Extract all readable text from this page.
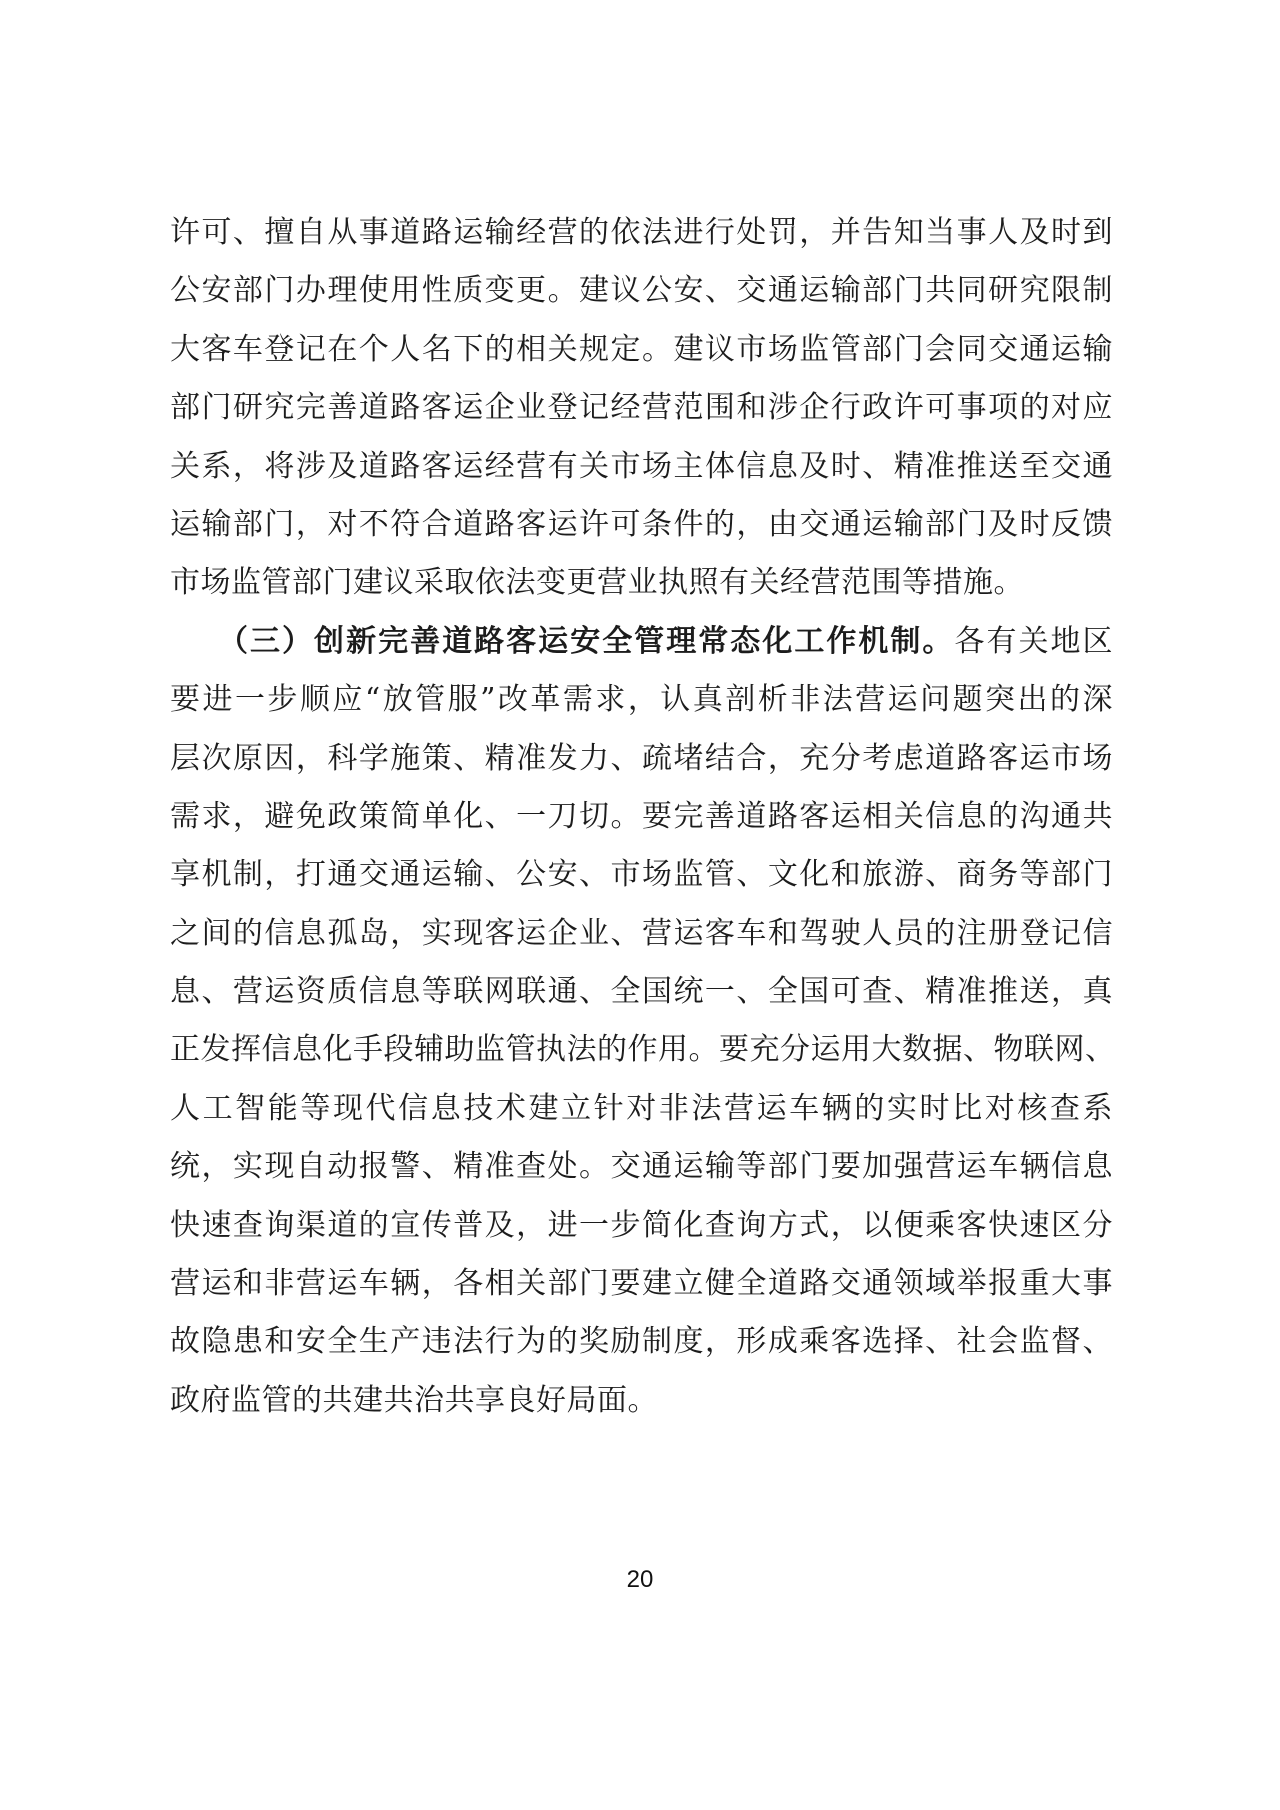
许可、擅自从事道路运输经营的依法进行处罚，并告知当事人及时到
公安部门办理使用性质变更。建议公安、交通运输部门共同研究限制
大客车登记在个人名下的相关规定。建议市场监管部门会同交通运输
部门研究完善道路客运企业登记经营范围和涉企行政许可事项的对应
关系，将涉及道路客运经营有关市场主体信息及时、精准推送至交通
运输部门，对不符合道路客运许可条件的，由交通运输部门及时反馈
市场监管部门建议采取依法变更营业执照有关经营范围等措施。
（三）创新完善道路客运安全管理常态化工作机制。各有关地区
要进一步顺应“放管服”改革需求，认真剖析非法营运问题突出的深
层次原因，科学施策、精准发力、疏堵结合，充分考虑道路客运市场
需求，避免政策简单化、一刀切。要完善道路客运相关信息的沟通共
享机制，打通交通运输、公安、市场监管、文化和旅游、商务等部门
之间的信息孤岛，实现客运企业、营运客车和驾驶人员的注册登记信
息、营运资质信息等联网联通、全国统一、全国可查、精准推送，真
正发挥信息化手段辅助监管执法的作用。要充分运用大数据、物联网、
人工智能等现代信息技术建立针对非法营运车辆的实时比对核查系
统，实现自动报警、精准查处。交通运输等部门要加强营运车辆信息
快速查询渠道的宣传普及，进一步简化查询方式，以便乘客快速区分
营运和非营运车辆，各相关部门要建立健全道路交通领域举报重大事
故隐患和安全生产违法行为的奖励制度，形成乘客选择、社会监督、
政府监管的共建共治共享良好局面。
20
